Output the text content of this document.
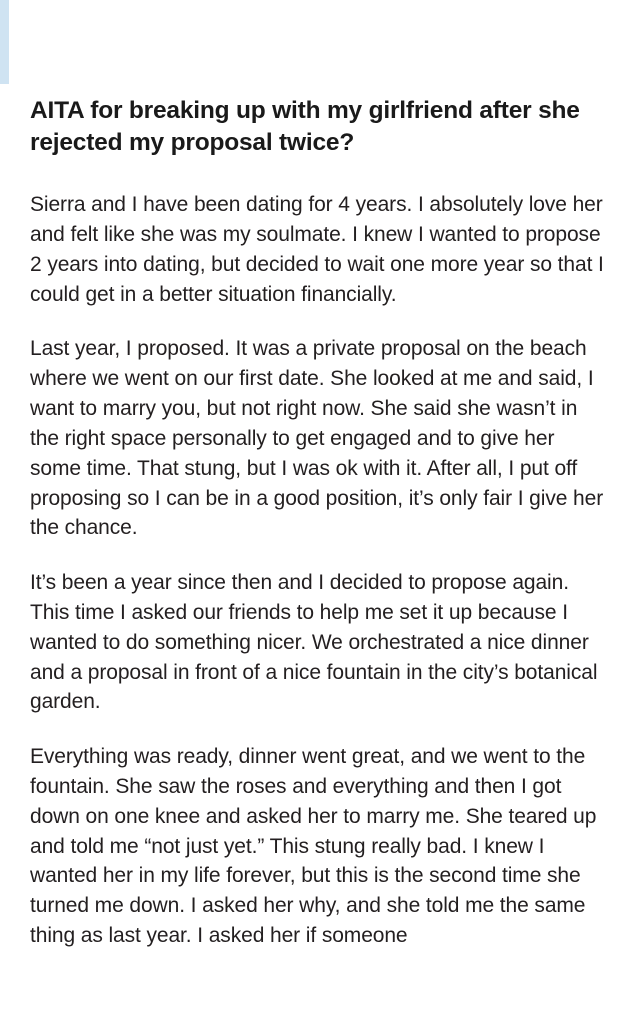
AITA for breaking up with my girlfriend after she rejected my proposal twice?

Sierra and I have been dating for 4 years. I absolutely love her and felt like she was my soulmate. I knew I wanted to propose 2 years into dating, but decided to wait one more year so that I could get in a better situation financially.

Last year, I proposed. It was a private proposal on the beach where we went on our first date. She looked at me and said, I want to marry you, but not right now. She said she wasn’t in the right space personally to get engaged and to give her some time. That stung, but I was ok with it. After all, I put off proposing so I can be in a good position, it’s only fair I give her the chance.

It’s been a year since then and I decided to propose again. This time I asked our friends to help me set it up because I wanted to do something nicer. We orchestrated a nice dinner and a proposal in front of a nice fountain in the city’s botanical garden.

Everything was ready, dinner went great, and we went to the fountain. She saw the roses and everything and then I got down on one knee and asked her to marry me. She teared up and told me “not just yet.” This stung really bad. I knew I wanted her in my life forever, but this is the second time she turned me down. I asked her why, and she told me the same thing as last year. I asked her if someone
